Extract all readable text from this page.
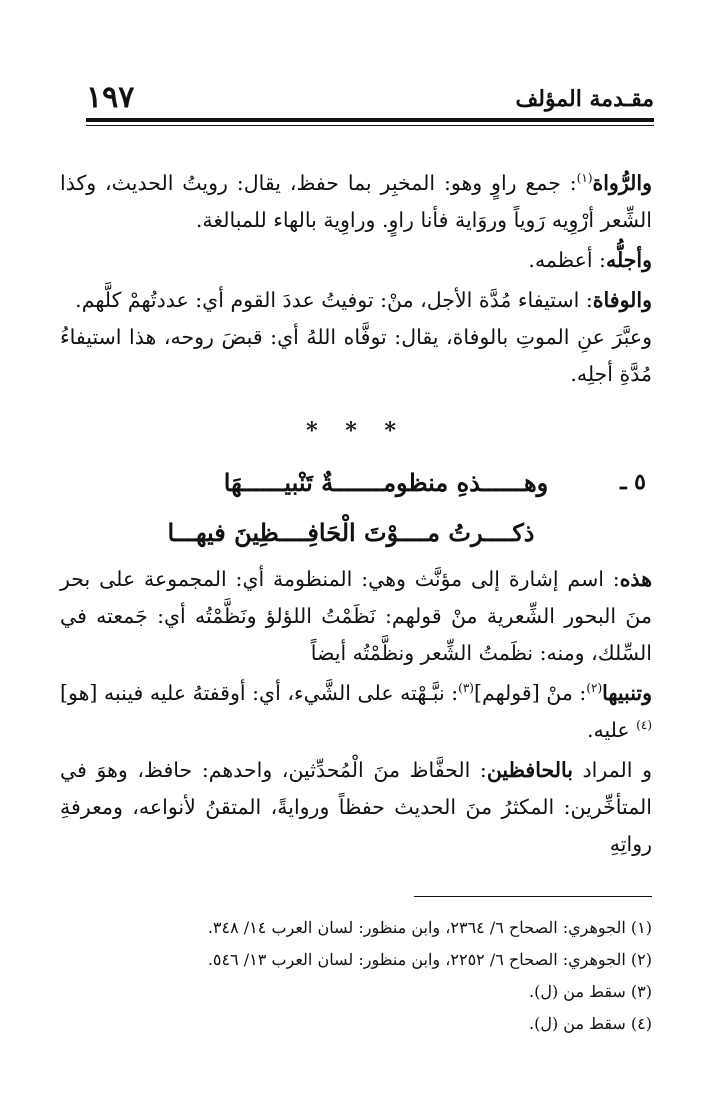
مقـدمة المؤلف
١٩٧

والرُّواة$^{(١)}$: جمع راوٍ وهو: المخبِر بما حفظ، يقال: رويتُ الحديث، وكذا الشِّعر أرْوِيه رَوياً وروَاية فأنا راوٍ. وراوِية بالهاء للمبالغة.

وأجلُّه: أعظمه.

والوفاة: استيفاء مُدَّة الأجل، منْ: توفيتُ عددَ القوم أي: عددتُهمْ كلَّهم.

وعبَّرَ عنِ الموتِ بالوفاة، يقال: توفَّاه اللهُ أي: قبضَ روحه، هذا استيفاءُ مُدَّةِ أجلِه.

* * *
٥ ـ
وهــــــذهِ منظومـــــــةٌ تَنْبيــــــهَا
ذكــــرتُ مــــوْتَ الْحَافِــــظِينَ فيهـــا

هذه: اسم إشارة إلى مؤنَّث وهي: المنظومة أي: المجموعة على بحر منَ البحور الشِّعرية منْ قولهم: نَظَمْتُ اللؤلؤ ونَظَّمْتُه أي: جَمعته في السِّلك، ومنه: نظَمتُ الشِّعر ونظَّمْتُه أيضاً

وتنبيها$^{(٢)}$: منْ [قولهم]$^{(٣)}$: نبَّـهْته على الشَّيء، أي: أوقفتهُ عليه فينبه [هو]$^{(٤)}$ عليه.

و المراد بالحافظين: الحفَّاظ منَ الْمُحدِّثين، واحدهم: حافظ، وهوَ في المتأخِّرين: المكثرُ منَ الحديث حفظاً وروايةً، المتقنُ لأنواعه، ومعرفةِ رواتِهِ

(١) الجوهري: الصحاح ٦/ ٢٣٦٤، وابن منظور: لسان العرب ١٤/ ٣٤٨.

(٢) الجوهري: الصحاح ٦/ ٢٢٥٢، وابن منظور: لسان العرب ١٣/ ٥٤٦.

(٣) سقط من (ل).

(٤) سقط من (ل).
